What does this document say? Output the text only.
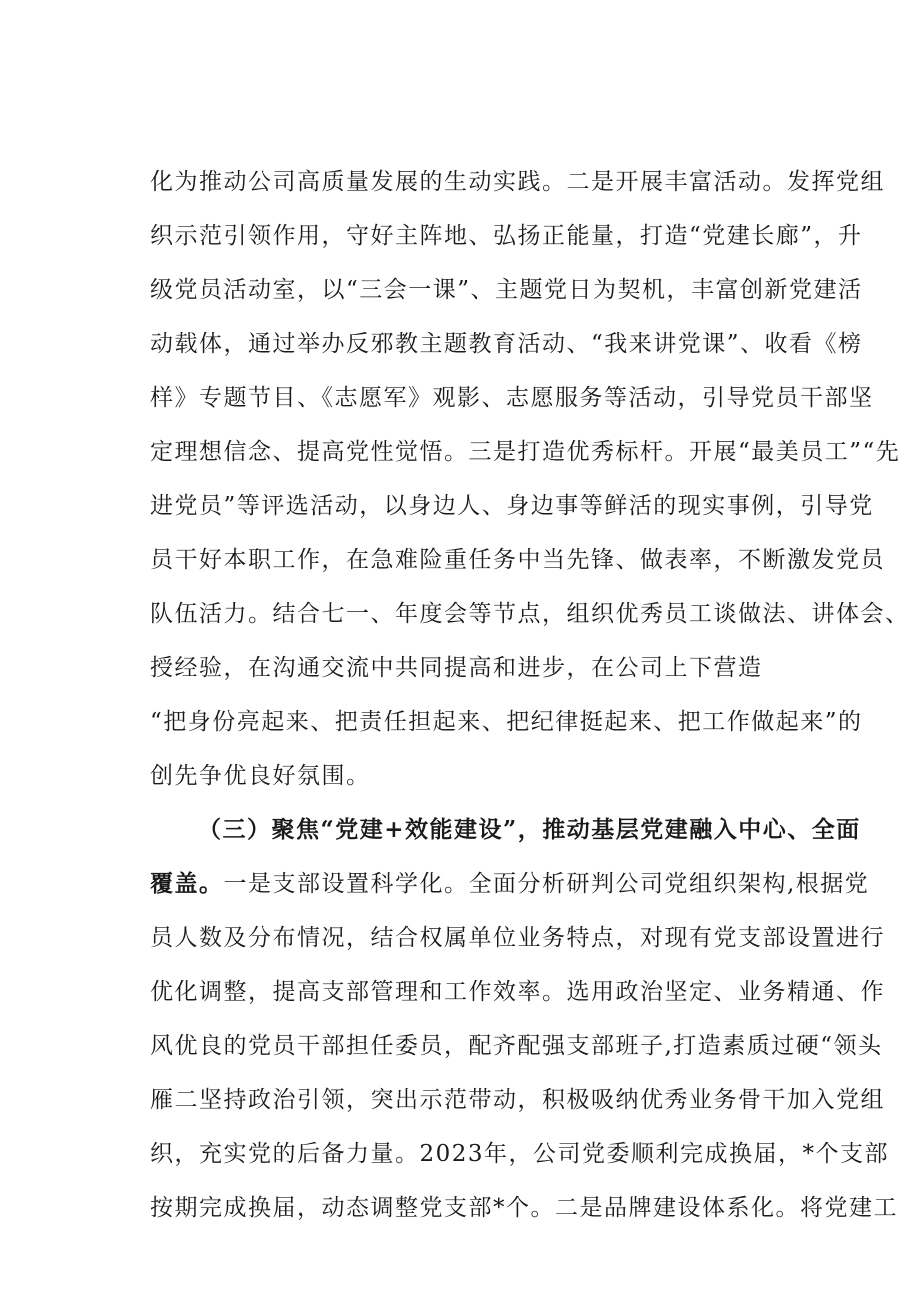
化为推动公司高质量发展的生动实践。二是开展丰富活动。发挥党组
织示范引领作用，守好主阵地、弘扬正能量，打造“党建长廊”，升
级党员活动室，以“三会一课”、主题党日为契机，丰富创新党建活
动载体，通过举办反邪教主题教育活动、“我来讲党课”、收看《榜
样》专题节目、《志愿军》观影、志愿服务等活动，引导党员干部坚
定理想信念、提高党性觉悟。三是打造优秀标杆。开展“最美员工”“先
进党员”等评选活动，以身边人、身边事等鲜活的现实事例，引导党
员干好本职工作，在急难险重任务中当先锋、做表率，不断激发党员
队伍活力。结合七一、年度会等节点，组织优秀员工谈做法、讲体会、
授经验，在沟通交流中共同提高和进步，在公司上下营造
“把身份亮起来、把责任担起来、把纪律挺起来、把工作做起来”的
创先争优良好氛围。
（三）聚焦“党建+效能建设”，推动基层党建融入中心、全面
覆盖。一是支部设置科学化。全面分析研判公司党组织架构,根据党
员人数及分布情况，结合权属单位业务特点，对现有党支部设置进行
优化调整，提高支部管理和工作效率。选用政治坚定、业务精通、作
风优良的党员干部担任委员，配齐配强支部班子,打造素质过硬“领头
雁二坚持政治引领，突出示范带动，积极吸纳优秀业务骨干加入党组
织，充实党的后备力量。2023年，公司党委顺利完成换届，*个支部
按期完成换届，动态调整党支部*个。二是品牌建设体系化。将党建工
